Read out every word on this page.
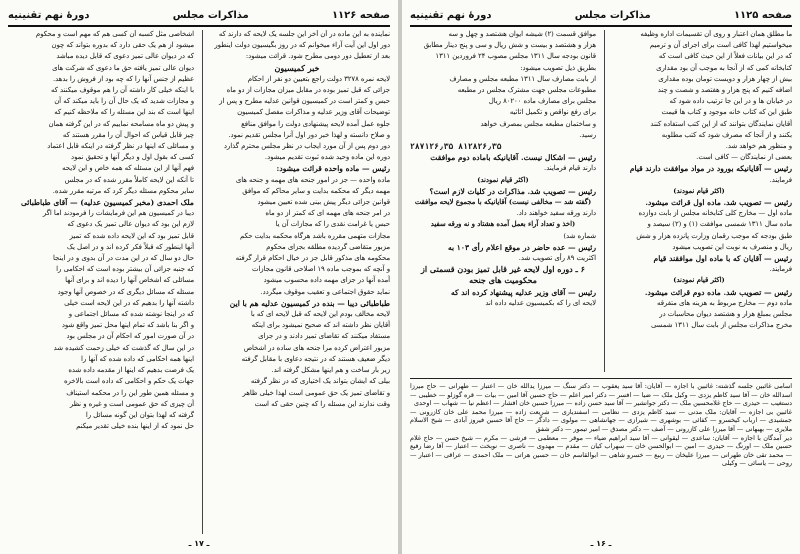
صفحه ۱۱۲۶
مذاکرات مجلس
دورهٔ نهم تقنینیه

نماینده به این ماده در آن آخر این جلسه یک لایحه که دارند که

دور اول این آیت آراء میخوانم که در روز بگیسیون دولت اینطور

بعد از تعطیل دور دومی مطرح شود. قرائت میشود:

خبر کمیسیون

لایحه نمره ۳۲۷۸ دولت راجع بتعیین دو نفر از احکام

جزائی که قبل تمیز بوده در مقابل میزان مجازات از دو ماه

حبس و کمتر است در کمیسیون قوانین عدلیه مطرح و پس از

توضیحات آقای وزیر عدلیه و مذاکرات مفصل کمیسیون

جلوه عمل آمده لایحه پیشنهادی دولت را موافق منافع

و صلاح دانسته و لهذا خبر دور اول آنرا مجلس تقدیم نمود.

دور دوم پس از آن مورد ایجاب در نظر مجلس محترم گذارد

دوره این ماده وحید شده ثبوت تقدیم میشود.

رئیس — ماده واحده قرائت میشود:

ماده واحده — جز در امور جنحه های مهمه و جنحه های

مهمه دیگر که محکمه بدایت و سایر محاکم که موافق

قوانین جزائی دیگر پیش بینی شده تعیین میشود

در امر جنحه های مهمه ای که کمتر از دو ماه

حبس یا غرامت نقدی را که مجازات آن یا

مجازات متهمی مقرره باشد هرگاه محکمه بدایت حکم

مزبور متقاضی گردیده مطلقه بجزای محکوم

محکومه های مذکور قابل جز در خیال احکام قرار گرفته

و آنچه که بموجب ماده ۱۹ اصلاحی قانون مجازات

آمده آنها در جزای مهمه داده محسوب میشود

نماید حقوق اجتماعی و تعقیب موقوف میگردد.

طباطبائی دیبا — بنده در کمیسیون عدلیه هم با این

لایحه مخالف بودم این لایحه که قبل لایحه ای که با

آقایان نظر داشته اند که صحیح نمیشود برای اینکه

مستفاد میکنند که تقاضای تمیز دادند و در جزای

مزبور اعتراض کرده مرا جنحه های ساده در اشخاص

دیگر ضعیف هستند که در نتیجه دعاوی با مقابل گرفته

زیر بار ساخت و هم اینها مشکل گرفته اند.

بیلی که ایشان بتواند یک اختیاری که در نظر گرفته

و تقاضای تمیز یک حق عمومی است لهذا خیلی ظاهر

وقت ندارند این مسئله را که چنین حقی که است

اشخاصی مثل کسبه آن کسی هم که مهم است و محکوم

میشود از هم یک حقی دارد که بدوره بتواند که چون

که در دیوان عالی تمیز دعوی که قابل دیده مباشد

دیوان عالی تمیز یافته حق ما دعوی که شرکت های

عظیم از جنس آنها را که چه بود از فروش را بدهد.

با اینکه خیلی کار داشته آن را هم موقوف میکنند که

و مجازات شدید که یک حال آن را باید میکند که آن

اینها است که بند این مسئله را که ملاحظه کنیم که

و پیش دو ماه مسامحه نماییم که در این گرفته همان

چیز قابل قیاس که احوال آن را مقرر هستند که

و مسائلی که اینها در نظر گرفته در اینکه قابل اعتماد

کسی که بقول اول و دیگر آنها و تحقیق نمود

فهم آنها از این مسئله که همه خاص و این لایحه

تا آنکه این لایحه کاملاً مقرر شده که در مجلس

سایر محکوم مسئله دیگر کرد که مرتبه مقرر شده.

ملک احمدی (مخبر کمیسیون عدلیه) — آقای طباطبائی

دیبا در کمیسیون هم این فرمایشات را فرمودند اما اگر

لازم این بود که دیوان عالی تمیز یک دعوی که

قابل تمیز بود که این لایحه داده شده که تمیز

آنها اینطور که قبلاً فکر کرده اند و در اصل یک

حال دو سال که در این مدت در آن بدوی و در اینجا

که جنبه جزائی آن بیشتر بوده است که احکامی را

مسائلی که اشخاص آنها را دیده اند و برای آنها

مسئله که مسائل دیگری که در خصوص آنها وجود

داشته آنها را بدهیم که در این لایحه است خیلی

که در اینجا نوشته شده که مسائل اجتماعی و

و اگر بنا باشد که تمام اینها محل تمیز واقع شود

در آن صورت امور که احکام آن در مجلس بود

در این سال که گذشت که خیلی زحمت کشیده شد

اینها همه احکامی که داده شده که آنها را

یک فرصت بدهیم که اینها از مقدمه داده شده

جهات یک حکم و احکامی که داده است بالاخره

و مسئله همین طور این را در محکمه استیناف

آن چیزی که حق عمومی است و غیره و نظر

گرفته که لهذا بتوان این گونه مسائل را

حل نمود که از اینها بنده خیلی تقدیر میکنم

ـ ۱۷ ـ
صفحه ۱۱۲۵
مذاکرات مجلس
دورهٔ نهم تقنینیه

ما مطلق همان اعتبار و روی آن تقسیمات اداره وظیفه

میخواستیم لهذا کافی است برای اجرای آن و ترمیم

که در این بیانات فعلاً از این حیث کافی است که

کتابخانه کمی که از آنجا به موجب آن بود مقداری

بیش از چهار هزار و دویست تومان بوده مقداری

اضافه کنیم که پنج هزار و هفتصد و شصت و چند

در خیابان ها و در این جا ترتیب داده شود که

طبق این که کتاب خانه موجود و کتاب ها قیمت

آقایان نمایندگان بتوانند که از این کتب استفاده کنند

بکنند و از آنجا که مصرف شود که کتب مطلوبه

و منظور هم خواهد شد.

بعضی از نمایندگان — کافی است.

رئیس — آقایانیکه بورود در مواد موافقت دارند قیام

فرمایند.

(اکثر قیام نمودند)

رئیس — تصویب شد. ماده اول قرائت میشود.

ماده اول — مخارج کلی کتابخانه مجلس از بابت دوازده

ماده سال ۱۳۱۱ شمسی موافقت (۱) و (۲) سیصد و

طبق بودجه که موجب رقمان وزارت پانزده هزار و شش

ریال و منصرف به نوبت این تصویب میشود

رئیس — آقایان که با ماده اول موافقند قیام

فرمایند.

(اکثر قیام نمودند)

رئیس — تصویب شد. ماده دوم قرائت میشود.

ماده دوم — مخارج مربوط به هزینه های متفرقه

مجلس بمبلغ هزار و هشتصد دیوان محاسبات در

مخرج مذاکرات مجلس از بابت سال ۱۳۱۱ شمسی

موافق قسمت (۲) شیشه ایوان هشتصد و چهل و سه

هزار و هشتصد و بیست و شش ریال و سی و پنج دینار مطابق

قانون بودجه سال ۱۳۱۱ مجلس مصوب ۲۴ فروردین ۱۳۱۱

بطریق ذیل تصویب میشود:

از بابت مصارف سال ۱۳۱۱ مطبعه مجلس و مصارف

مطبوعات مجلس جهت مشترک مجلس در مطبعه

مجلس برای مصارف ماده ۸۰۲۰۰ ریال

برای رفع نواقص و تکمیل اثاثیه

و ساختمان مطبعه مجلس بمصرف خواهد

رسید.

۲۸۷۱۲۶٫۳۵ ۸۱۲۸۲۶٫۳۵

رئیس — اشکال نیست. آقایانیکه باماده دوم موافقت

دارند قیام فرمایند.

(اکثر قیام نمودند)

رئیس — تصویب شد. مذاکرات در کلیات لازم است؟

(گفته شد — مخالفی نیست) آقایانیکه با مجموع لایحه موافقت

دارند ورقه سفید خواهند داد.

(اخذ و تعداد آراء بعمل آمده هشتاد و نه ورقه سفید

شماره شد)

رئیس — عده حاضر در موقع اعلام رأی ۱۰۳ به

اکثریت ۸۹ رأی تصویب شد.

۶ ـ دوره اول لایحه غیر قابل تمیز بودن قسمتی از

محکومیت های جنحه

رئیس — آقای وزیر عدلیه پیشنهاد کرده اند که

لایحه ای را که بکمیسیون عدلیه داده اند

اسامی غائبین جلسه گذشته: غائبین با اجازه — آقایان: آقا سید یعقوب — دکتر سنگ — میرزا یدالله خان — اعتبار — طهرانی — حاج میرزا اسدالله خان — آقا سید کاظم یزدی — وکیل ملک — ضیا — افسر — دکتر امیر اعلم — حاج حسین آقا امین — بیات — قره گوزلو — خطیبی — دستغیب — حیدری — حاج غلامحسین ملک — دکتر جوانشیر — آقا سید حسن زاده — میرزا حسین خان افشار — اعظم نیا — شهاب — اوحدی

غائبین بی اجازه — آقایان: ملک مدنی — سید کاظم یزدی — نظامی — اسفندیاری — شریعت زاده — میرزا محمد علی خان کازرونی — جمشیدی — ارباب کیخسرو — کفائی — بوشهری — شیرازی — جهانشاهی — مولوی — دادگر — حاج آقا حسین فیروز آبادی — شیخ الاسلام ملایری — بهبهانی — آقا میرزا علی کازرونی — آصف — دکتر مصدق — امیر تیمور — دکتر شفق

دیر آمدگان با اجازه — آقایان: ساعدی — لیقوانی — آقا سید ابراهیم ضیاء — موقر — معظمی — فرشی — مکرم — شیخ حسن — حاج غلام حسین ملک — اورنگ — حیدری — امین — ابوالحسن خان — سهراب کیان — مقدم — مهدوی — ناصری — نوبخت — اعتبار — آقا رضا رفیع — محمد تقی خان طهرانی — میرزا علیخان — ربیع — خسرو شاهی — ابوالقاسم خان — حسین هراتی — ملک احمدی — عراقی — اعتبار — روحی — یاسائی — وکیلی

ـ ۱۶ ـ
